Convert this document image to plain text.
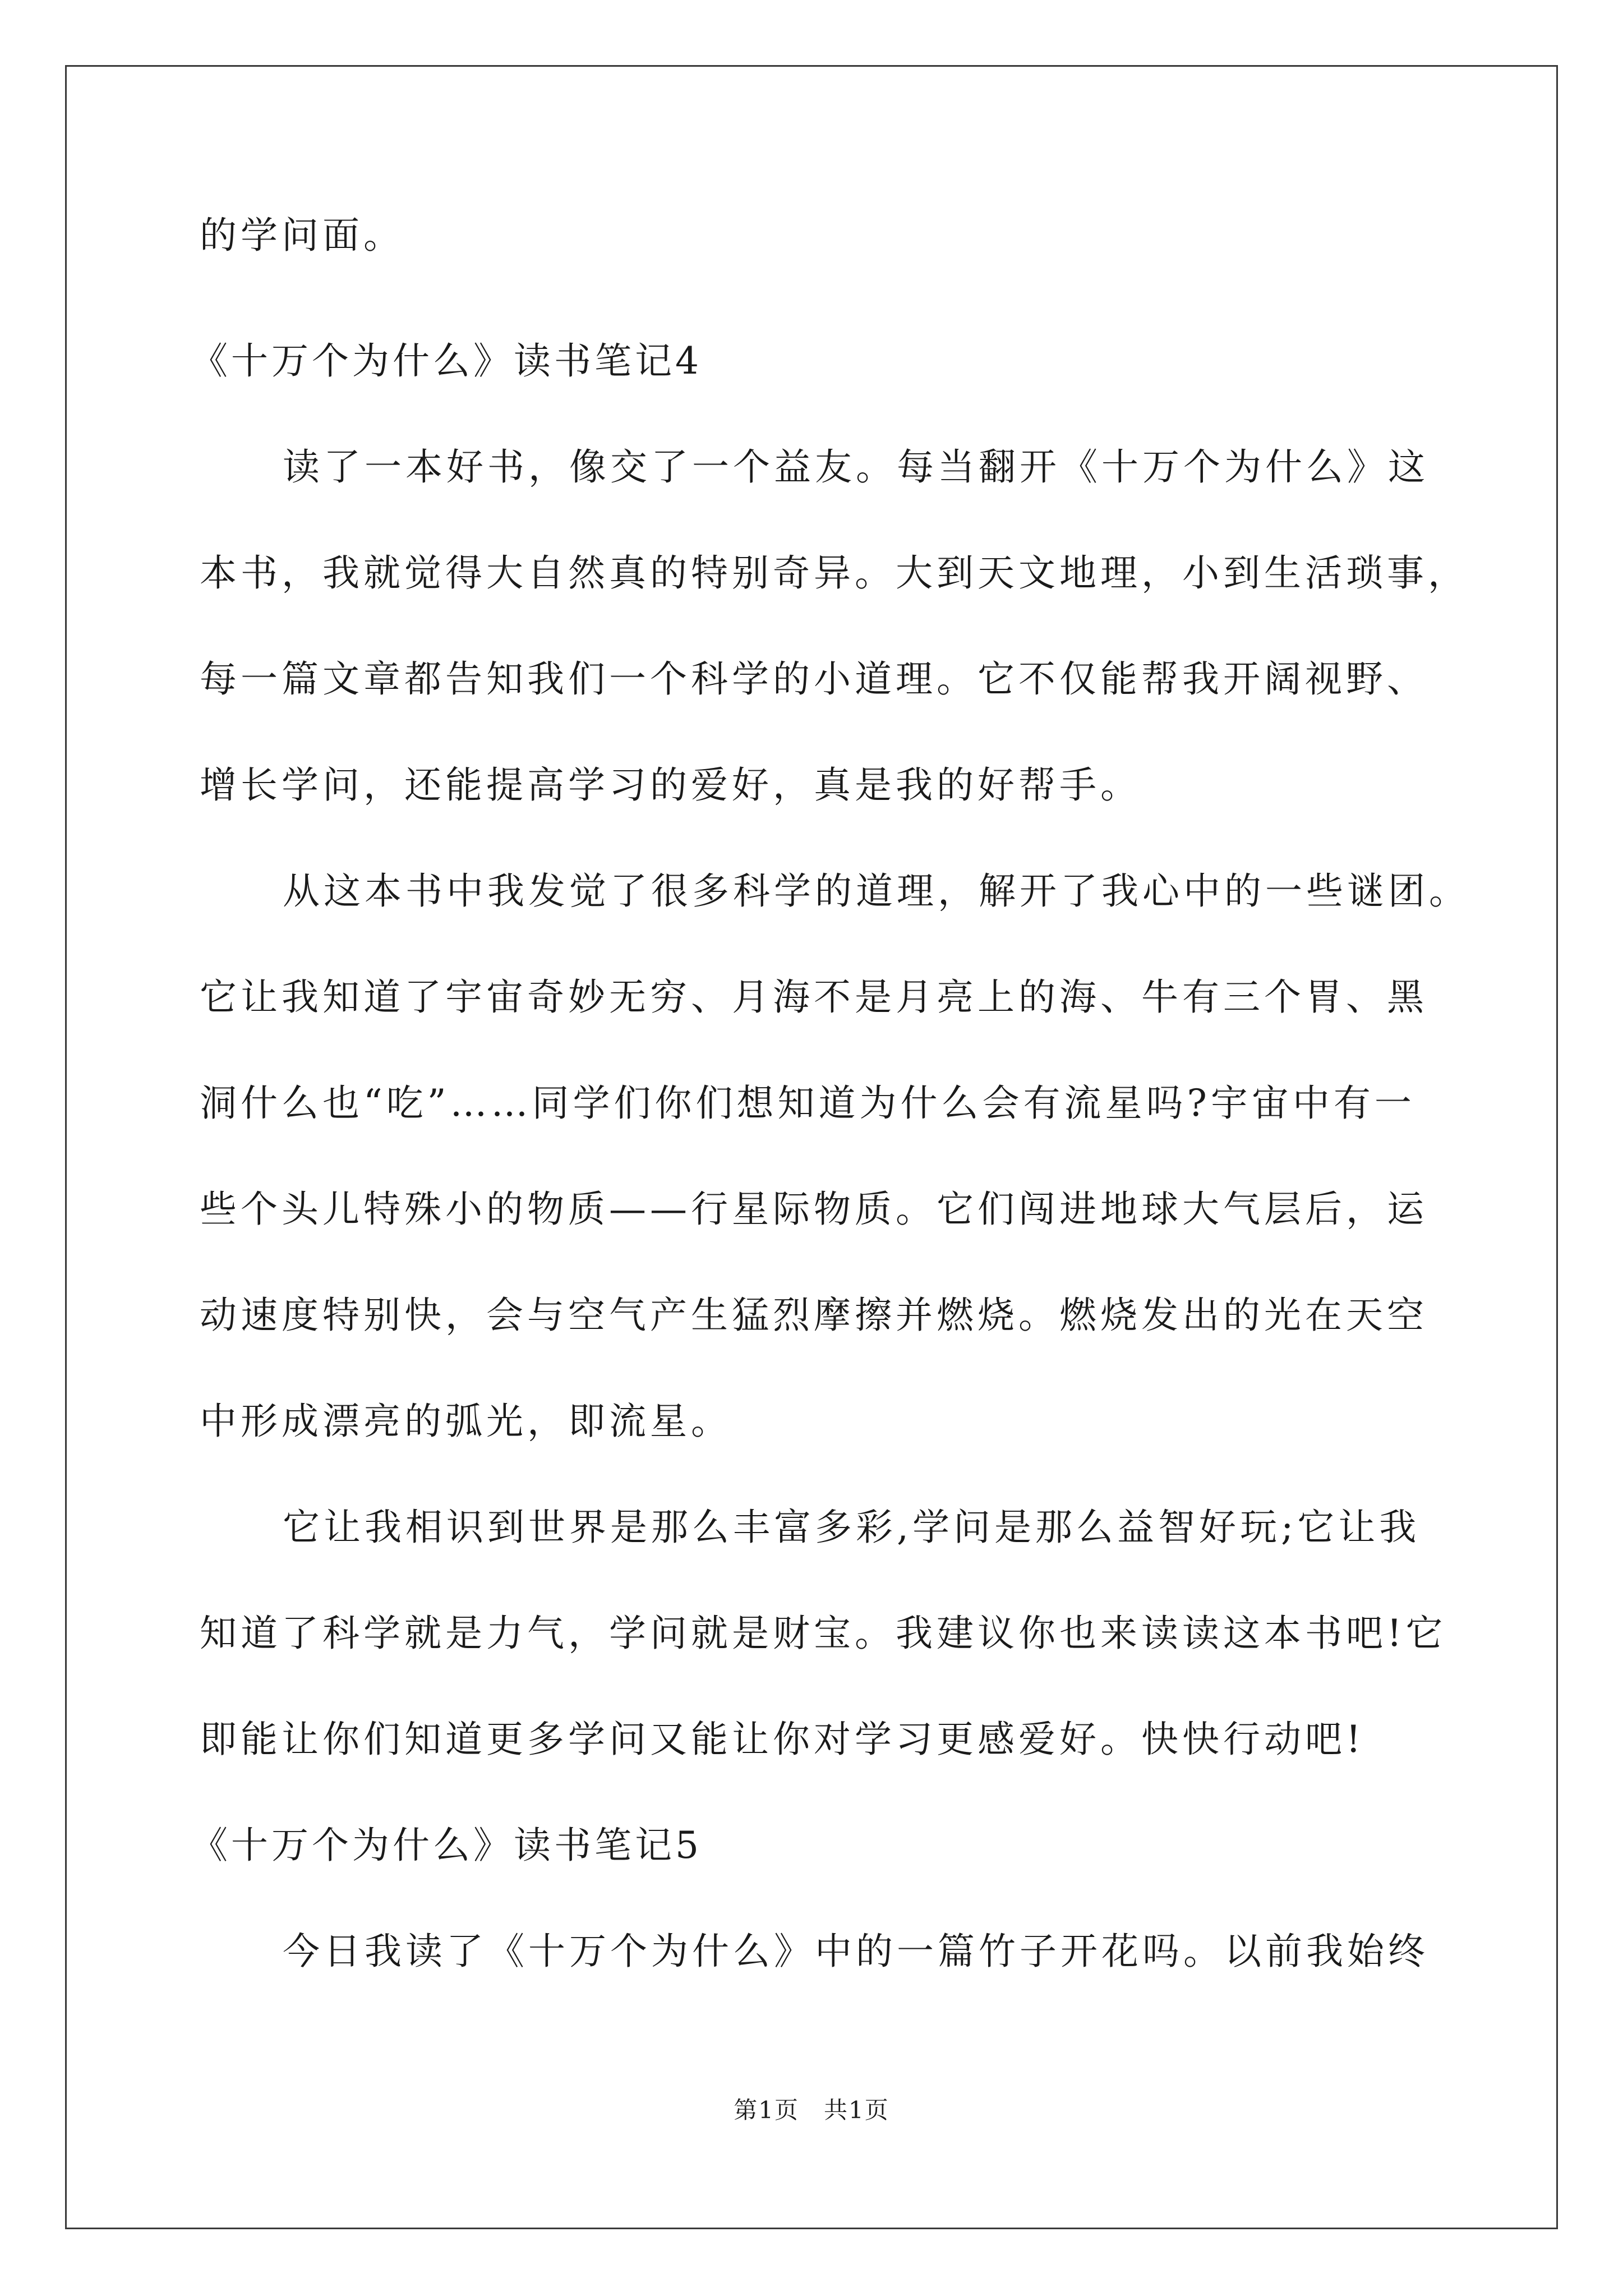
的学问面。
《十万个为什么》读书笔记4
读了一本好书，像交了一个益友。每当翻开《十万个为什么》这
本书，我就觉得大自然真的特别奇异。大到天文地理，小到生活琐事，
每一篇文章都告知我们一个科学的小道理。它不仅能帮我开阔视野、
增长学问，还能提高学习的爱好，真是我的好帮手。
从这本书中我发觉了很多科学的道理，解开了我心中的一些谜团。
它让我知道了宇宙奇妙无穷、月海不是月亮上的海、牛有三个胃、黑
洞什么也“吃”……同学们你们想知道为什么会有流星吗?宇宙中有一
些个头儿特殊小的物质——行星际物质。它们闯进地球大气层后，运
动速度特别快，会与空气产生猛烈摩擦并燃烧。燃烧发出的光在天空
中形成漂亮的弧光，即流星。
它让我相识到世界是那么丰富多彩,学问是那么益智好玩;它让我
知道了科学就是力气，学问就是财宝。我建议你也来读读这本书吧!它
即能让你们知道更多学问又能让你对学习更感爱好。快快行动吧!
《十万个为什么》读书笔记5
今日我读了《十万个为什么》中的一篇竹子开花吗。以前我始终
第1页　共1页
